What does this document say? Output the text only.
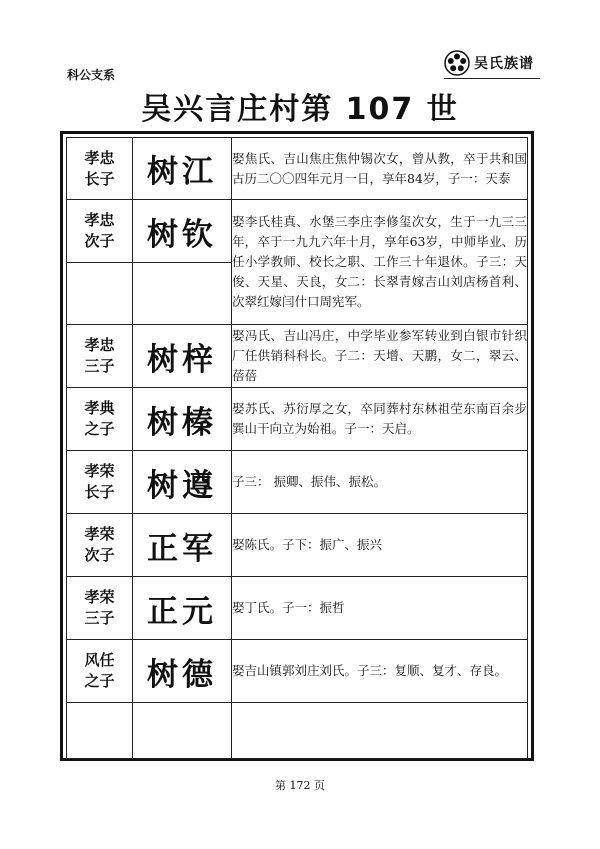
科公支系
吴氏族谱
吴兴言庄村第 107 世
孝忠
长子	树江	娶焦氏、吉山焦庄焦仲锡次女，曾从教，卒于共和国古历二〇〇四年元月一日，享年84岁，子一：天泰
孝忠
次子	树钦	娶李氏桂真、水堡三李庄李修玺次女，生于一九三三年，卒于一九九六年十月，享年63岁，中师毕业、历任小学教师、校长之职、工作三十年退休。子三：天俊、天星、天良，女二：长翠青嫁吉山刘店杨首利、次翠红嫁闫什口周宪军。

孝忠
三子	树梓	娶冯氏、吉山冯庄，中学毕业参军转业到白银市针织厂任供销科科长。子二：天增、天鹏，女二，翠云、蓓蓓
孝典
之子	树榛	娶苏氏、苏衍厚之女，卒同葬村东林祖茔东南百余步巽山干向立为始祖。子一：天启。
孝荣
长子	树遵	子三： 振卿、振伟、振松。
孝荣
次子	正军	娶陈氏。子下：振广、振兴
孝荣
三子	正元	娶丁氏。子一：振哲
风任
之子	树德	娶吉山镇郭刘庄刘氏。子三：复顺、复才、存良。

第 172 页
